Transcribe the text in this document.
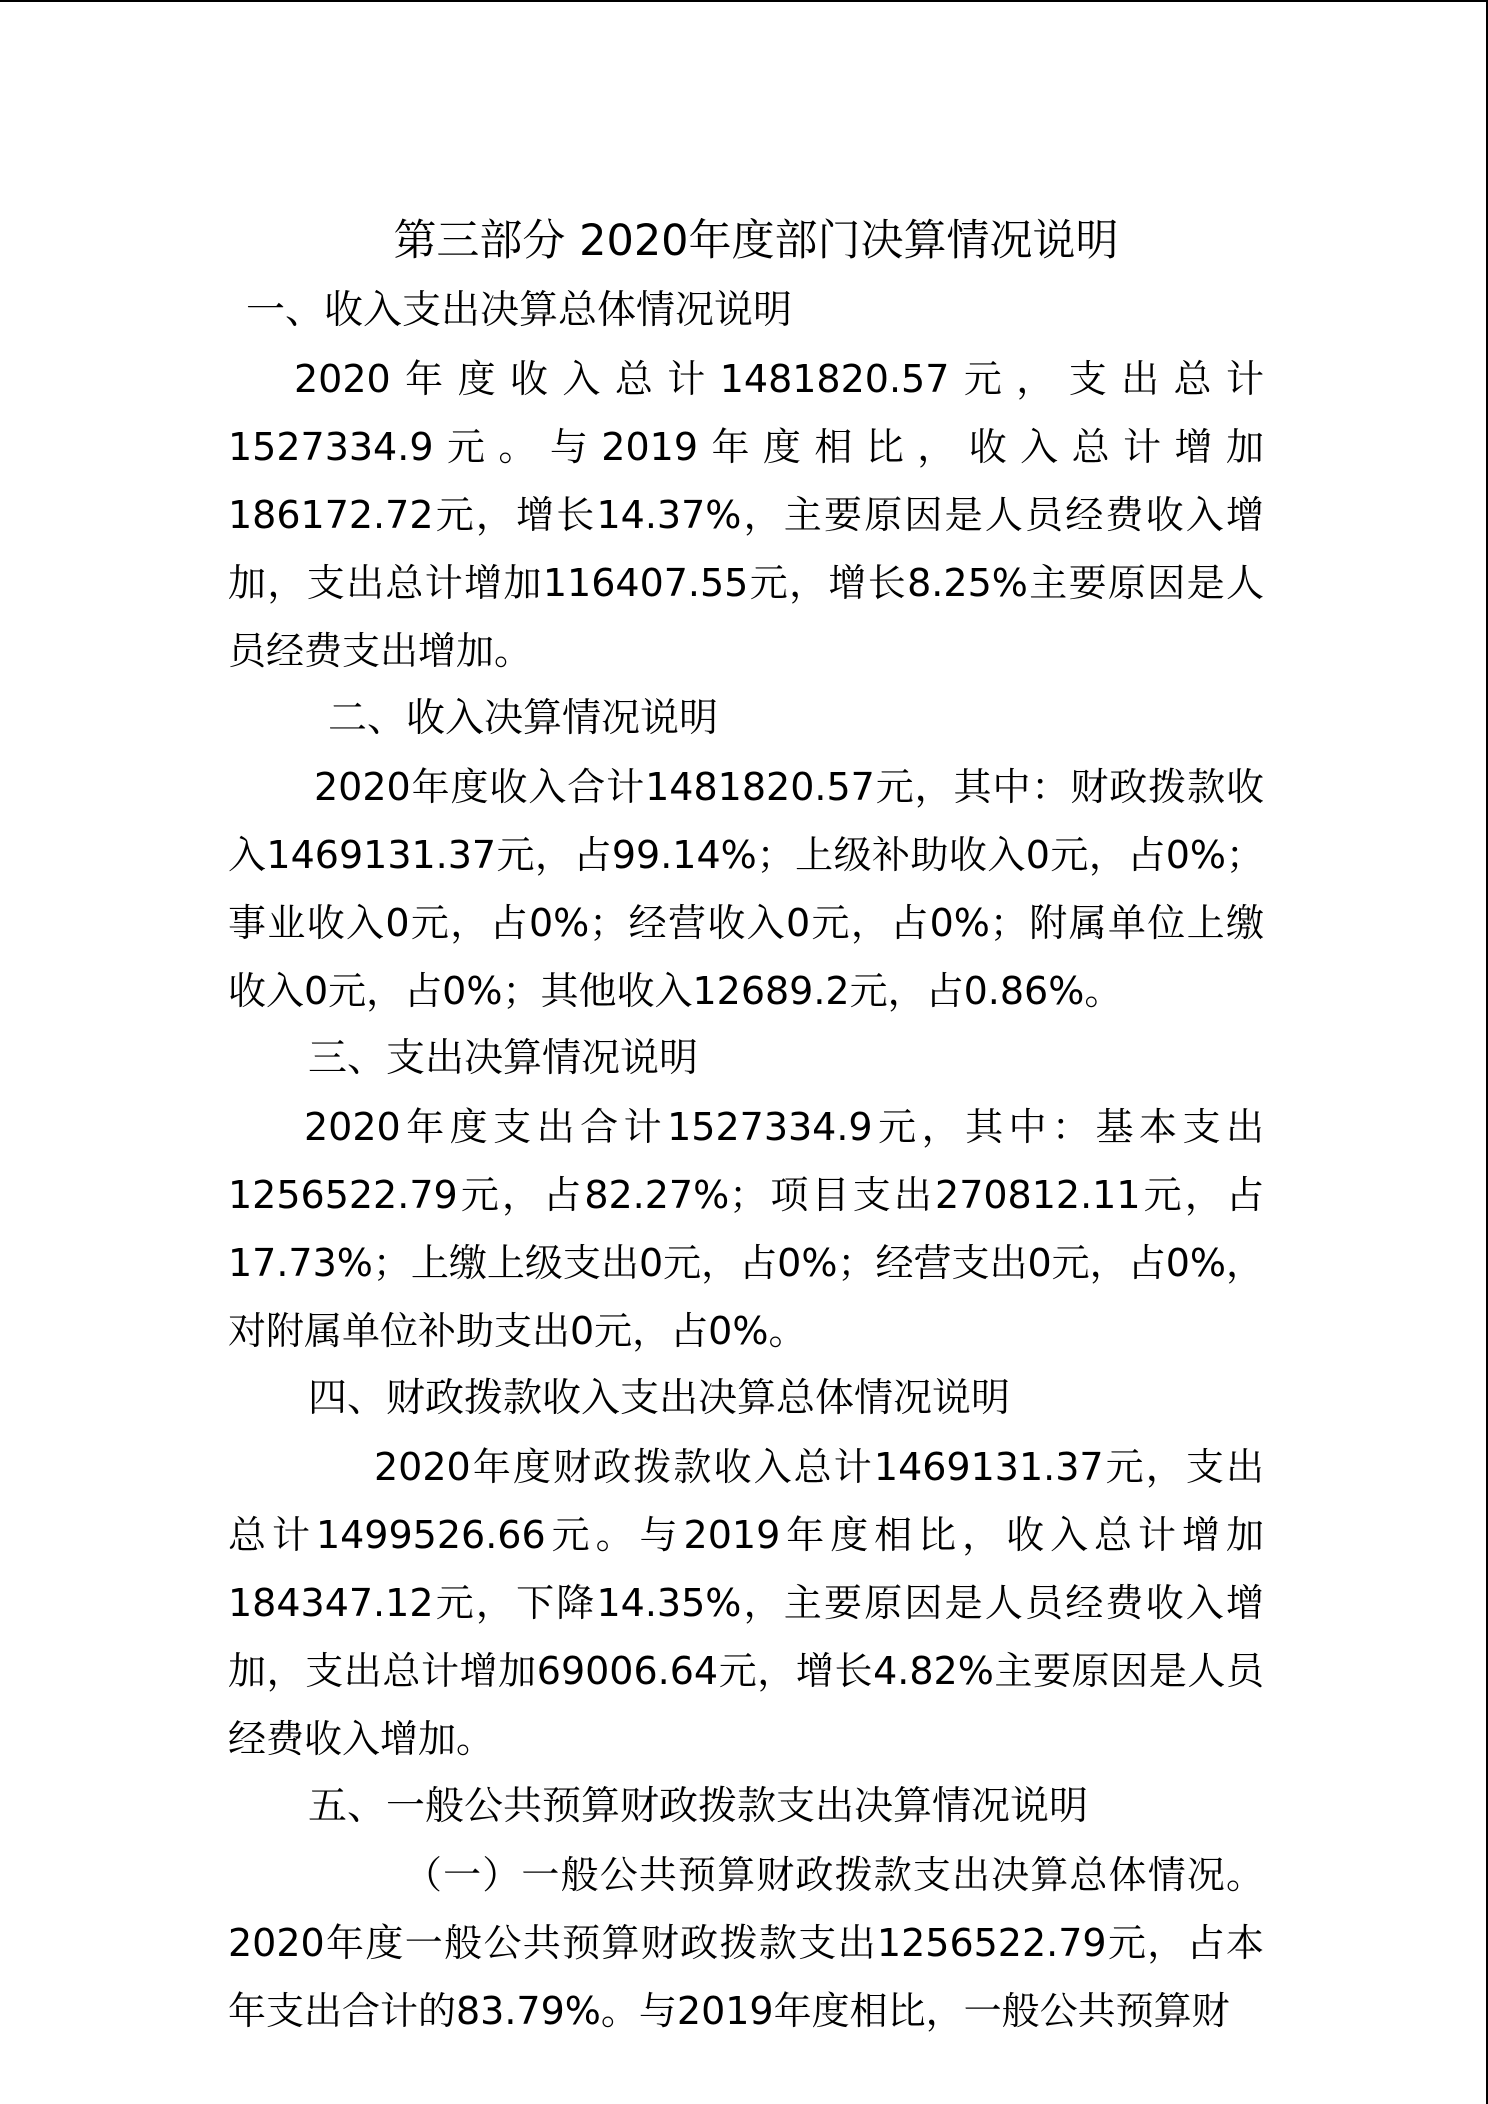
第三部分 2020年度部门决算情况说明
一、收入支出决算总体情况说明

2020年度收入总计1481820.57元，支出总计1527334.9元。与2019年度相比，收入总计增加186172.72元，增长14.37%，主要原因是人员经费收入增加，支出总计增加116407.55元，增长8.25%主要原因是人员经费支出增加。

二、收入决算情况说明

2020年度收入合计1481820.57元，其中：财政拨款收入1469131.37元，占99.14%；上级补助收入0元，占0%；事业收入0元，占0%；经营收入0元，占0%；附属单位上缴收入0元，占0%；其他收入12689.2元，占0.86%。

三、支出决算情况说明

2020年度支出合计1527334.9元，其中：基本支出1256522.79元，占82.27%；项目支出270812.11元，占17.73%；上缴上级支出0元，占0%；经营支出0元，占0%，对附属单位补助支出0元，占0%。

四、财政拨款收入支出决算总体情况说明

2020年度财政拨款收入总计1469131.37元，支出总计1499526.66元。与2019年度相比，收入总计增加184347.12元，下降14.35%，主要原因是人员经费收入增加，支出总计增加69006.64元，增长4.82%主要原因是人员经费收入增加。

五、一般公共预算财政拨款支出决算情况说明

（一）一般公共预算财政拨款支出决算总体情况。2020年度一般公共预算财政拨款支出1256522.79元，占本年支出合计的83.79%。与2019年度相比，一般公共预算财
